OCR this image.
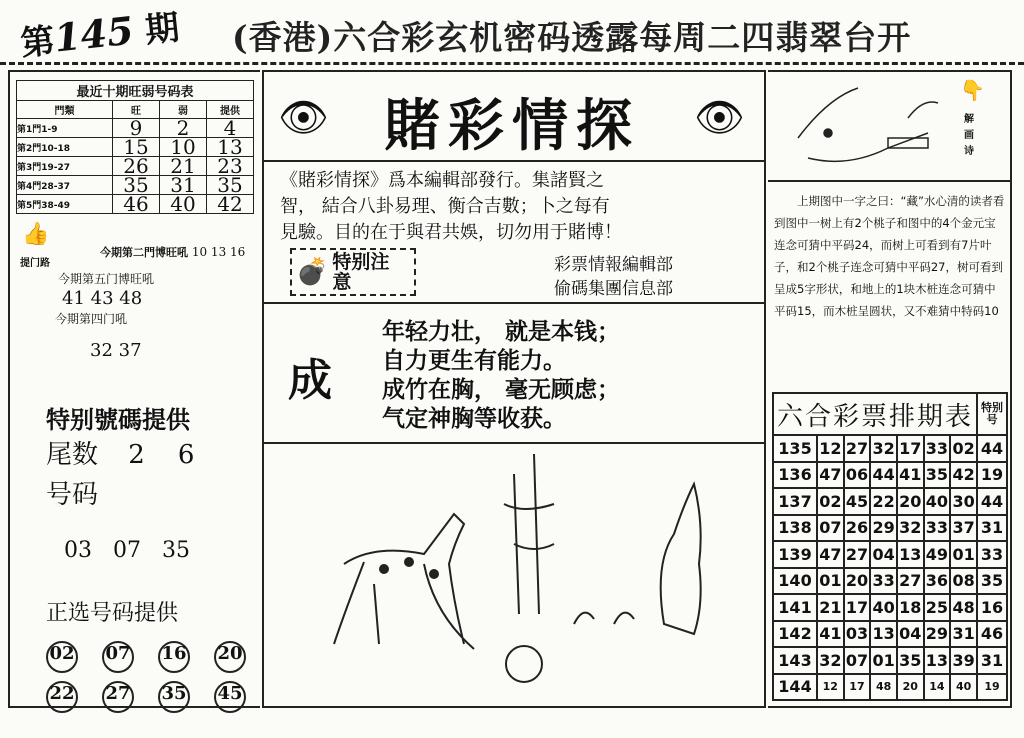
第145 期 (香港)六合彩玄机密码透露每周二四翡翠台开
最近十期旺弱号码表			
門類	旺	弱	提供
第1門1-9	9	2	4
第2門10-18	15	10	13
第3門19-27	26	21	23
第4門28-37	35	31	35
第5門38-49	46	40	42
👍
提门路
今期第二門博旺吼 10 13 16
今期第五门博旺吼
41 43 48
今期第四门吼
32 37
特别號碼提供
尾数 2    6
号码
03   07   35
正选号码提供
02 07 16 20
22 27 35 45
👁 賭彩情探 👁
《賭彩情探》爲本編輯部發行。集諸賢之
智， 結合八卦易理、衡合吉數；卜之每有
見驗。目的在于與君共娛，切勿用于賭博！
💣 特别注意
彩票情報編輯部
偷碼集團信息部
成
年轻力壮， 就是本钱；
自力更生有能力。
成竹在胸， 毫无顾虑；
气定神胸等收获。
👇
解画诗
上期图中一字之曰：“藏”水心清的读者看到图中一树上有2个桃子和图中的4个金元宝连念可猜中平码24，而树上可看到有7片叶子，和2个桃子连念可猜中平码27，树可看到呈成5字形状，和地上的1块木桩连念可猜中平码15，而木桩呈圆状，又不难猜中特码10
六合彩票排期表							特别号
135	12	27	32	17	33	02	44
136	47	06	44	41	35	42	19
137	02	45	22	20	40	30	44
138	07	26	29	32	33	37	31
139	47	27	04	13	49	01	33
140	01	20	33	27	36	08	35
141	21	17	40	18	25	48	16
142	41	03	13	04	29	31	46
143	32	07	01	35	13	39	31
144	12	17	48	20	14	40	19
